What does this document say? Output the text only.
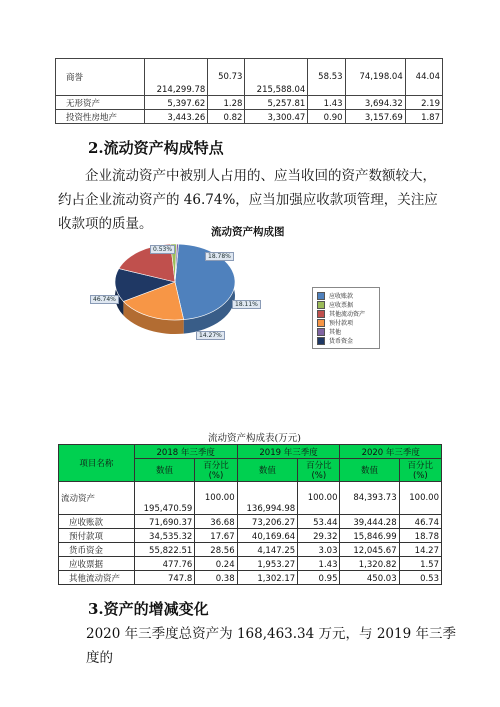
商誉	214,299.78	50.73	215,588.04	58.53	74,198.04	44.04
无形资产	5,397.62	1.28	5,257.81	1.43	3,694.32	2.19
投资性房地产	3,443.26	0.82	3,300.47	0.90	3,157.69	1.87
2.流动资产构成特点

企业流动资产中被别人占用的、应当收回的资产数额较大，约占企业流动资产的 46.74%，应当加强应收款项管理，关注应收款项的质量。	流动资产构成图
0.53%
18.78%
46.74%
18.11%
14.27%
应收账款
应收票据
其他流动资产
预付款项
其他
货币资金
流动资产构成表(万元)
项目名称	2018 年三季度		2019 年三季度		2020 年三季度	
	数值	百分比(%)	数值	百分比(%)	数值	百分比(%)
流动资产	195,470.59	100.00	136,994.98	100.00	84,393.73	100.00
应收账款	71,690.37	36.68	73,206.27	53.44	39,444.28	46.74
预付款项	34,535.32	17.67	40,169.64	29.32	15,846.99	18.78
货币资金	55,822.51	28.56	4,147.25	3.03	12,045.67	14.27
应收票据	477.76	0.24	1,953.27	1.43	1,320.82	1.57
其他流动资产	747.8	0.38	1,302.17	0.95	450.03	0.53
3.资产的增减变化

2020 年三季度总资产为 168,463.34 万元，与 2019 年三季度的
